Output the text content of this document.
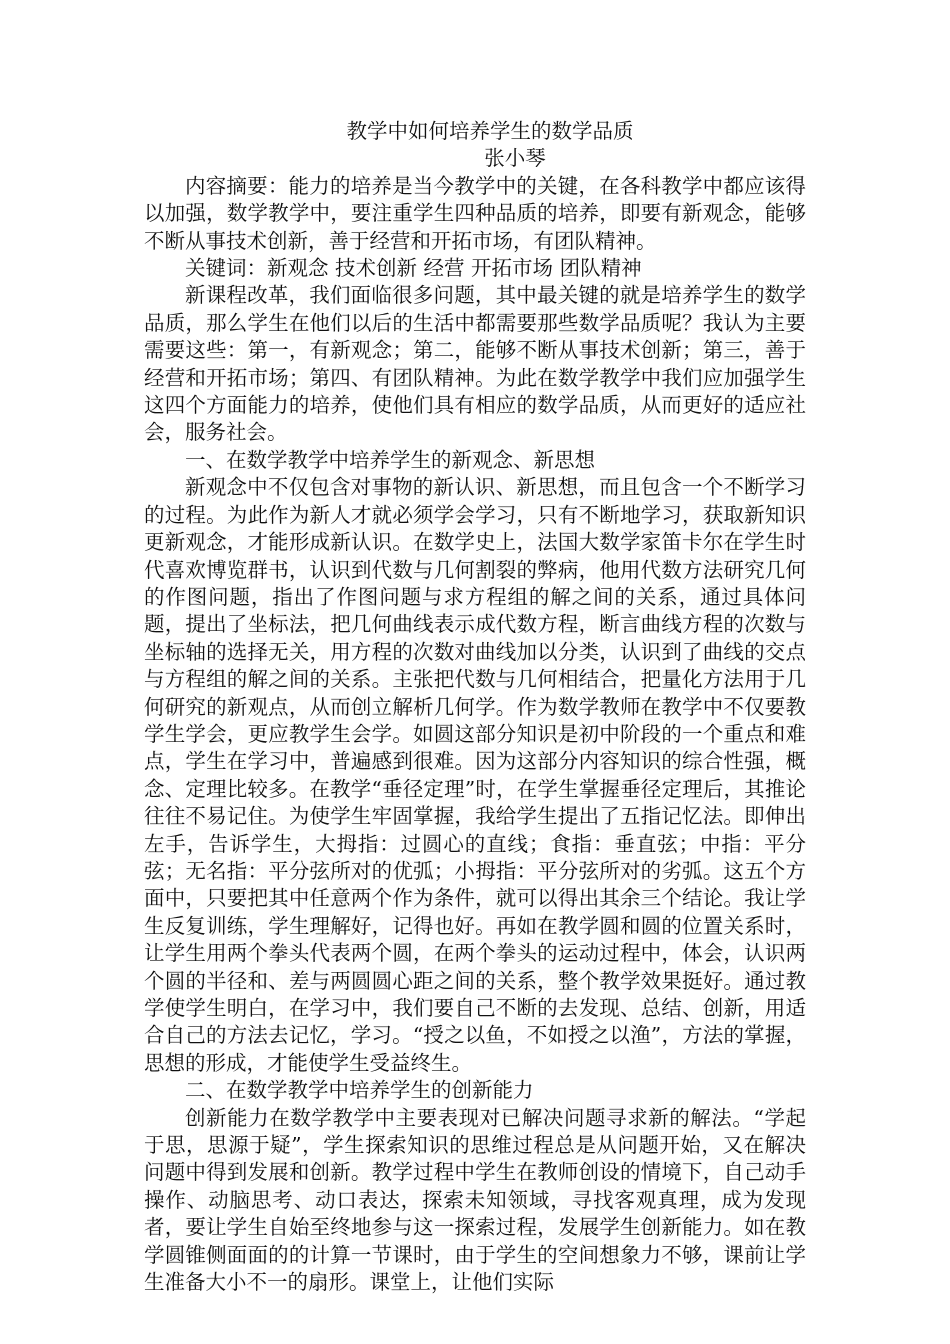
教学中如何培养学生的数学品质
张小琴

内容摘要：能力的培养是当今教学中的关键，在各科教学中都应该得以加强，数学教学中，要注重学生四种品质的培养，即要有新观念，能够不断从事技术创新，善于经营和开拓市场，有团队精神。

关键词：新观念 技术创新 经营 开拓市场 团队精神

新课程改革，我们面临很多问题，其中最关键的就是培养学生的数学品质，那么学生在他们以后的生活中都需要那些数学品质呢？我认为主要需要这些：第一，有新观念；第二，能够不断从事技术创新；第三，善于经营和开拓市场；第四、有团队精神。为此在数学教学中我们应加强学生这四个方面能力的培养，使他们具有相应的数学品质，从而更好的适应社会，服务社会。

一、在数学教学中培养学生的新观念、新思想

新观念中不仅包含对事物的新认识、新思想，而且包含一个不断学习的过程。为此作为新人才就必须学会学习，只有不断地学习，获取新知识更新观念，才能形成新认识。在数学史上，法国大数学家笛卡尔在学生时代喜欢博览群书，认识到代数与几何割裂的弊病，他用代数方法研究几何的作图问题，指出了作图问题与求方程组的解之间的关系，通过具体问题，提出了坐标法，把几何曲线表示成代数方程，断言曲线方程的次数与坐标轴的选择无关，用方程的次数对曲线加以分类，认识到了曲线的交点与方程组的解之间的关系。主张把代数与几何相结合，把量化方法用于几何研究的新观点，从而创立解析几何学。作为数学教师在教学中不仅要教学生学会，更应教学生会学。如圆这部分知识是初中阶段的一个重点和难点，学生在学习中，普遍感到很难。因为这部分内容知识的综合性强，概念、定理比较多。在教学“垂径定理”时，在学生掌握垂径定理后，其推论往往不易记住。为使学生牢固掌握，我给学生提出了五指记忆法。即伸出左手，告诉学生，大拇指：过圆心的直线；食指：垂直弦；中指：平分弦；无名指：平分弦所对的优弧；小拇指：平分弦所对的劣弧。这五个方面中，只要把其中任意两个作为条件，就可以得出其余三个结论。我让学生反复训练，学生理解好，记得也好。再如在教学圆和圆的位置关系时，让学生用两个拳头代表两个圆，在两个拳头的运动过程中，体会，认识两个圆的半径和、差与两圆圆心距之间的关系，整个教学效果挺好。通过教学使学生明白，在学习中，我们要自己不断的去发现、总结、创新，用适合自己的方法去记忆，学习。“授之以鱼，不如授之以渔”，方法的掌握，思想的形成，才能使学生受益终生。

二、在数学教学中培养学生的创新能力

创新能力在数学教学中主要表现对已解决问题寻求新的解法。“学起于思，思源于疑”，学生探索知识的思维过程总是从问题开始，又在解决问题中得到发展和创新。教学过程中学生在教师创设的情境下，自己动手操作、动脑思考、动口表达，探索未知领域，寻找客观真理，成为发现者，要让学生自始至终地参与这一探索过程，发展学生创新能力。如在教学圆锥侧面面的的计算一节课时，由于学生的空间想象力不够，课前让学生准备大小不一的扇形。课堂上，让他们实际
